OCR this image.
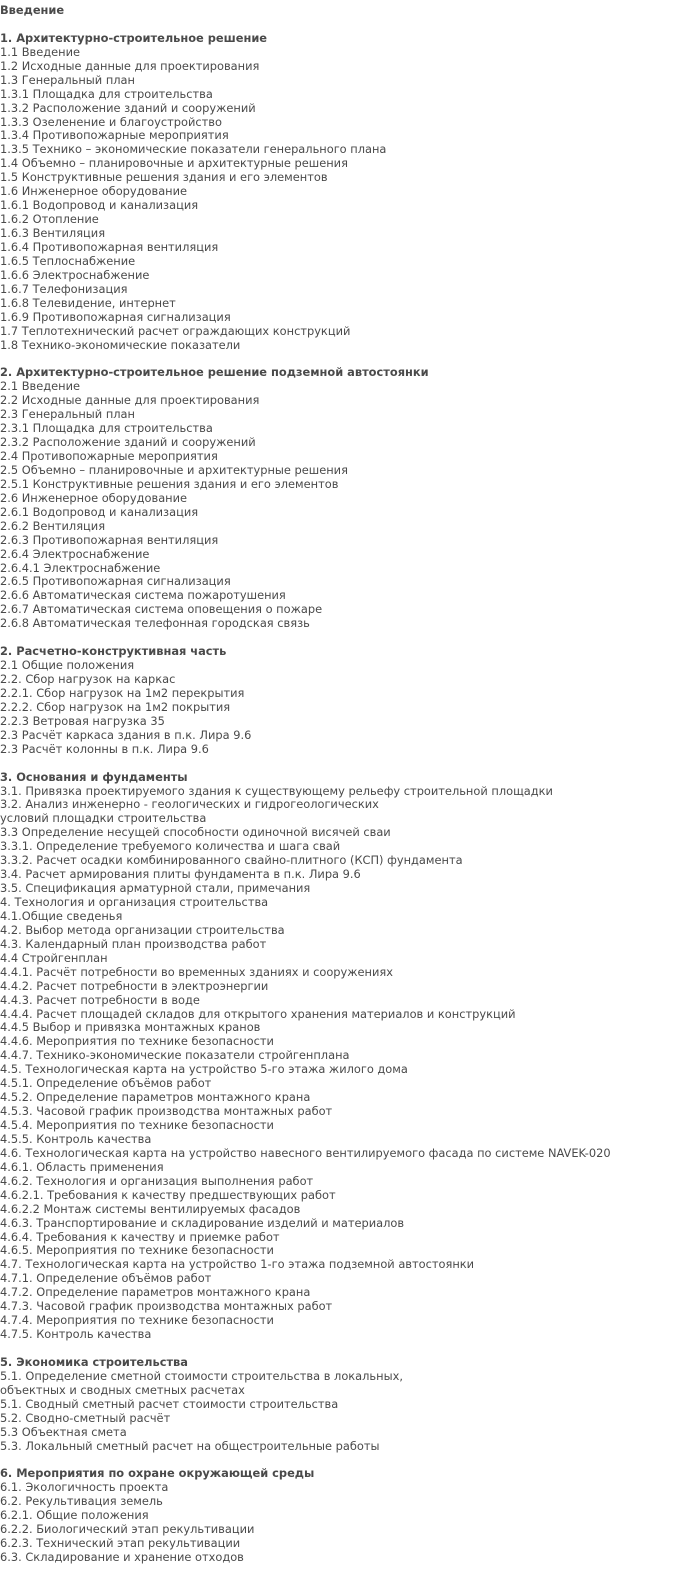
Введение
1. Архитектурно-строительное решение
1.1 Введение
1.2 Исходные данные для проектирования
1.3 Генеральный план
1.3.1 Площадка для строительства
1.3.2 Расположение зданий и сооружений
1.3.3 Озеленение и благоустройство
1.3.4 Противопожарные мероприятия
1.3.5 Технико – экономические показатели генерального плана
1.4 Объемно – планировочные и архитектурные решения
1.5 Конструктивные решения здания и его элементов
1.6 Инженерное оборудование
1.6.1 Водопровод и канализация
1.6.2 Отопление
1.6.3 Вентиляция
1.6.4 Противопожарная вентиляция
1.6.5 Теплоснабжение
1.6.6 Электроснабжение
1.6.7 Телефонизация
1.6.8 Телевидение, интернет
1.6.9 Противопожарная сигнализация
1.7 Теплотехнический расчет ограждающих конструкций
1.8 Технико-экономические показатели
2. Архитектурно-строительное решение подземной автостоянки
2.1 Введение
2.2 Исходные данные для проектирования
2.3 Генеральный план
2.3.1 Площадка для строительства
2.3.2 Расположение зданий и сооружений
2.4 Противопожарные мероприятия
2.5 Объемно – планировочные и архитектурные решения
2.5.1 Конструктивные решения здания и его элементов
2.6 Инженерное оборудование
2.6.1 Водопровод и канализация
2.6.2 Вентиляция
2.6.3 Противопожарная вентиляция
2.6.4 Электроснабжение
2.6.4.1 Электроснабжение
2.6.5 Противопожарная сигнализация
2.6.6 Автоматическая система пожаротушения
2.6.7 Автоматическая система оповещения о пожаре
2.6.8 Автоматическая телефонная городская связь
2. Расчетно-конструктивная часть
2.1 Общие положения
2.2. Сбор нагрузок на каркас
2.2.1. Сбор нагрузок на 1м2 перекрытия
2.2.2. Сбор нагрузок на 1м2 покрытия
2.2.3 Ветровая нагрузка 35
2.3 Расчёт каркаса здания в п.к. Лира 9.6
2.3 Расчёт колонны в п.к. Лира 9.6
3. Основания и фундаменты
3.1. Привязка проектируемого здания к существующему рельефу строительной площадки
3.2. Анализ инженерно - геологических и гидрогеологических
условий площадки строительства
3.3 Определение несущей способности одиночной висячей сваи
3.3.1. Определение требуемого количества и шага свай
3.3.2. Расчет осадки комбинированного свайно-плитного (КСП) фундамента
3.4. Расчет армирования плиты фундамента в п.к. Лира 9.6
3.5. Спецификация арматурной стали, примечания
4. Технология и организация строительства
4.1.Общие сведенья
4.2. Выбор метода организации строительства
4.3. Календарный план производства работ
4.4 Стройгенплан
4.4.1. Расчёт потребности во временных зданиях и сооружениях
4.4.2. Расчет потребности в электроэнергии
4.4.3. Расчет потребности в воде
4.4.4. Расчет площадей складов для открытого хранения материалов и конструкций
4.4.5 Выбор и привязка монтажных кранов
4.4.6. Мероприятия по технике безопасности
4.4.7. Технико-экономические показатели стройгенплана
4.5. Технологическая карта на устройство 5-го этажа жилого дома
4.5.1. Определение объёмов работ
4.5.2. Определение параметров монтажного крана
4.5.3. Часовой график производства монтажных работ
4.5.4. Мероприятия по технике безопасности
4.5.5. Контроль качества
4.6. Технологическая карта на устройство навесного вентилируемого фасада по системе NAVEK-020
4.6.1. Область применения
4.6.2. Технология и организация выполнения работ
4.6.2.1. Требования к качеству предшествующих работ
4.6.2.2 Монтаж системы вентилируемых фасадов
4.6.3. Транспортирование и складирование изделий и материалов
4.6.4. Требования к качеству и приемке работ
4.6.5. Мероприятия по технике безопасности
4.7. Технологическая карта на устройство 1-го этажа подземной автостоянки
4.7.1. Определение объёмов работ
4.7.2. Определение параметров монтажного крана
4.7.3. Часовой график производства монтажных работ
4.7.4. Мероприятия по технике безопасности
4.7.5. Контроль качества
5. Экономика строительства
5.1. Определение сметной стоимости строительства в локальных,
объектных и сводных сметных расчетах
5.1. Сводный сметный расчет стоимости строительства
5.2. Сводно-сметный расчёт
5.3 Объектная смета
5.3. Локальный сметный расчет на общестроительные работы
6. Мероприятия по охране окружающей среды
6.1. Экологичность проекта
6.2. Рекультивация земель
6.2.1. Общие положения
6.2.2. Биологический этап рекультивации
6.2.3. Технический этап рекультивации
6.3. Складирование и хранение отходов
